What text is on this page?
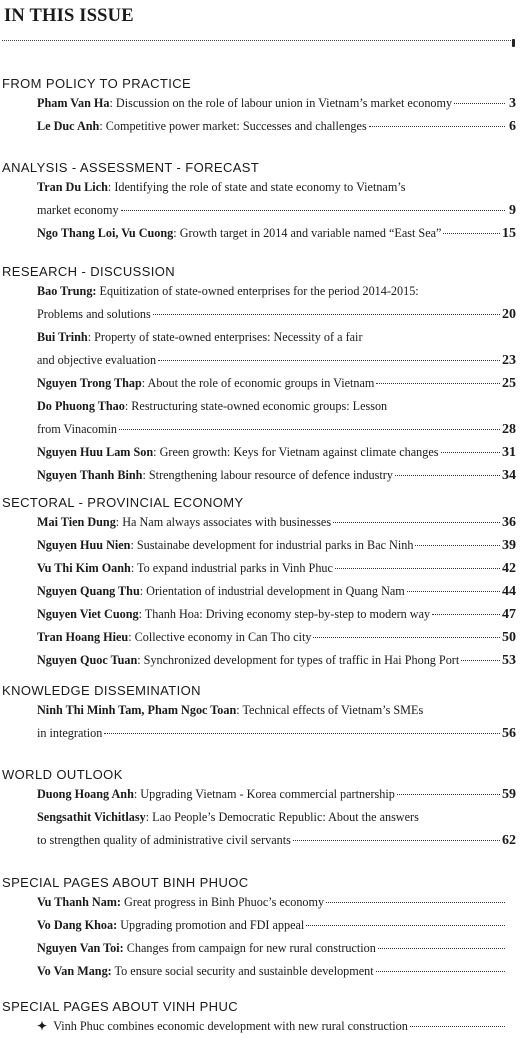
IN THIS ISSUE
FROM POLICY TO PRACTICE
Pham Van Ha : Discussion on the role of labour union in Vietnam’s market economy	3
Le Duc Anh : Competitive power market: Successes and challenges	6
ANALYSIS - ASSESSMENT - FORECAST
Tran Du Lich : Identifying the role of state and state economy to Vietnam’s
market economy	9
Ngo Thang Loi, Vu Cuong : Growth target in 2014 and variable named “East Sea”	15
RESEARCH - DISCUSSION
Bao Trung: Equitization of state-owned enterprises for the period 2014-2015:
Problems and solutions	20
Bui Trinh : Property of state-owned enterprises: Necessity of a fair
and objective evaluation	23
Nguyen Trong Thap : About the role of economic groups in Vietnam	25
Do Phuong Thao : Restructuring state-owned economic groups: Lesson
from Vinacomin	28
Nguyen Huu Lam Son : Green growth: Keys for Vietnam against climate changes	31
Nguyen Thanh Binh : Strengthening labour resource of defence industry	34
SECTORAL - PROVINCIAL ECONOMY
Mai Tien Dung : Ha Nam always associates with businesses	36
Nguyen Huu Nien : Sustainabe development for industrial parks in Bac Ninh	39
Vu Thi Kim Oanh : To expand industrial parks in Vinh Phuc	42
Nguyen Quang Thu : Orientation of industrial development in Quang Nam	44
Nguyen Viet Cuong : Thanh Hoa: Driving economy step-by-step to modern way	47
Tran Hoang Hieu : Collective economy in Can Tho city	50
Nguyen Quoc Tuan : Synchronized development for types of traffic in Hai Phong Port	53
KNOWLEDGE DISSEMINATION
Ninh Thi Minh Tam, Pham Ngoc Toan : Technical effects of Vietnam’s SMEs
in integration	56
WORLD OUTLOOK
Duong Hoang Anh : Upgrading Vietnam - Korea commercial partnership	59
Sengsathit Vichitlasy : Lao People’s Democratic Republic: About the answers
to strengthen quality of administrative civil servants	62
SPECIAL PAGES ABOUT BINH PHUOC
Vu Thanh Nam: Great progress in Binh Phuoc’s economy
Vo Dang Khoa: Upgrading promotion and FDI appeal
Nguyen Van Toi: Changes from campaign for new rural construction
Vo Van Mang: To ensure social security and sustainble development
SPECIAL PAGES ABOUT VINH PHUC
✦ Vinh Phuc combines economic development with new rural construction
